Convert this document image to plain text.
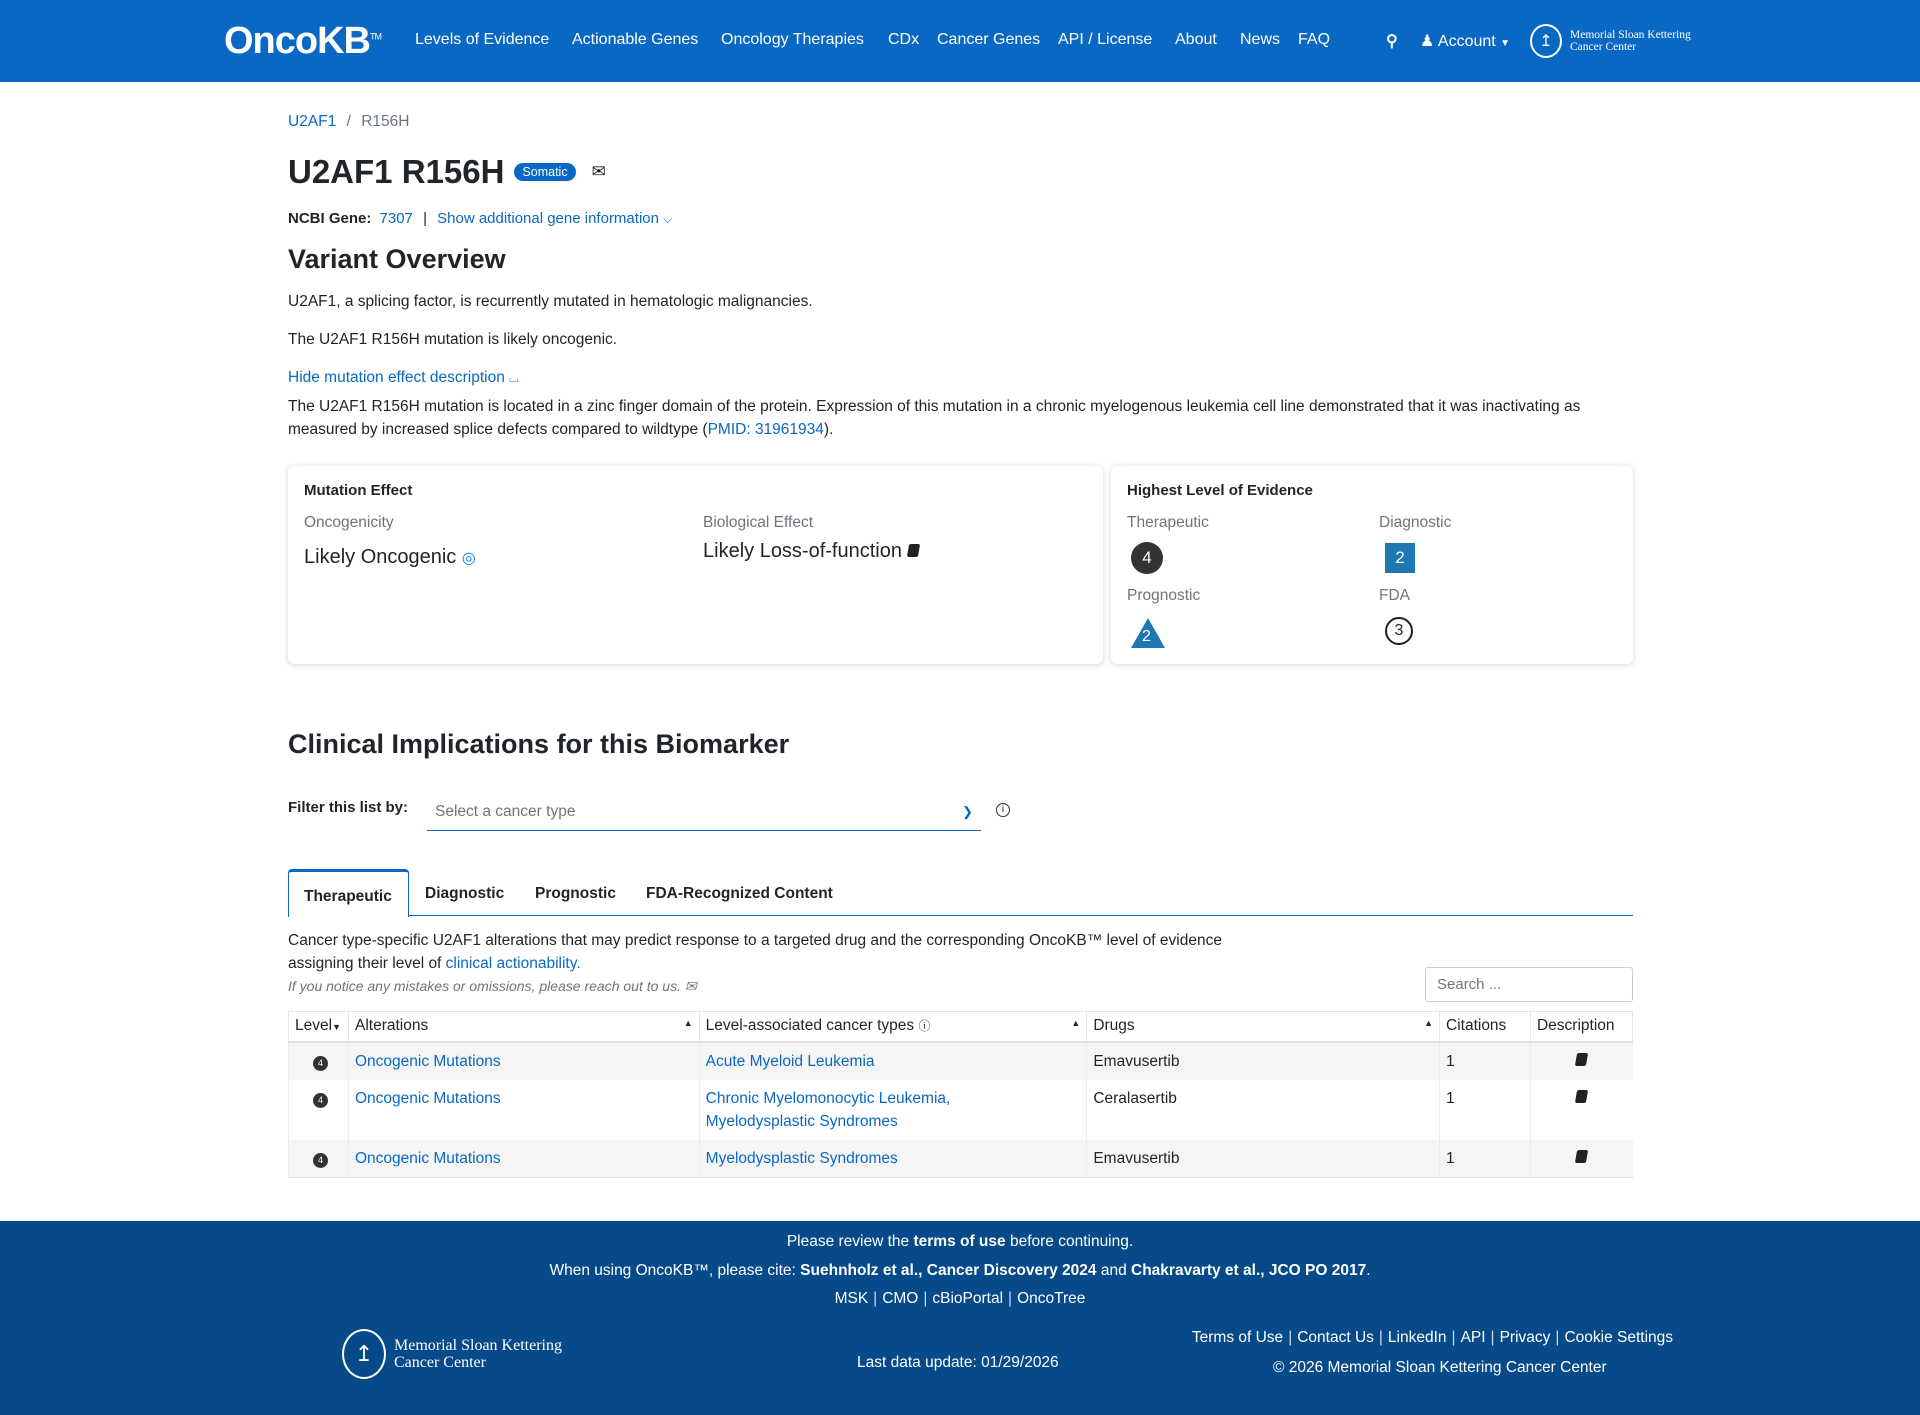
OncoKB™ Levels of Evidence Actionable Genes Oncology Therapies CDx Cancer Genes API / License About News FAQ	⚲ ♟ Account ▼	↥	Memorial Sloan Kettering
Cancer Center
U2AF1 / R156H
U2AF1 R156H	Somatic	✉
NCBI Gene: 7307 | Show additional gene information ⌵
Variant Overview
U2AF1, a splicing factor, is recurrently mutated in hematologic malignancies.
The U2AF1 R156H mutation is likely oncogenic.
Hide mutation effect description ⌴
The U2AF1 R156H mutation is located in a zinc finger domain of the protein. Expression of this mutation in a chronic myelogenous leukemia cell line demonstrated that it was inactivating as measured by increased splice defects compared to wildtype (PMID: 31961934).
Mutation Effect
Oncogenicity
Likely Oncogenic ◎
Biological Effect
Likely Loss-of-function
Highest Level of Evidence
Therapeutic
4
Diagnostic
2
Prognostic
2
FDA
3
Clinical Implications for this Biomarker
Filter this list by: Select a cancer type	❯	i
Therapeutic	Diagnostic	Prognostic	FDA-Recognized Content
Cancer type-specific U2AF1 alterations that may predict response to a targeted drug and the corresponding OncoKB™ level of evidence
assigning their level of clinical actionability.
If you notice any mistakes or omissions, please reach out to us. ✉
Search ...
Level▼	Alterations ▲	Level-associated cancer types ⓘ ▲	Drugs ▲	Citations	Description
4	Oncogenic Mutations	Acute Myeloid Leukemia	Emavusertib	1	
4	Oncogenic Mutations	Chronic Myelomonocytic Leukemia,
Myelodysplastic Syndromes	Ceralasertib	1	
4	Oncogenic Mutations	Myelodysplastic Syndromes	Emavusertib	1	
Please review the terms of use before continuing.
When using OncoKB™, please cite: Suehnholz et al., Cancer Discovery 2024 and Chakravarty et al., JCO PO 2017.
MSK | CMO | cBioPortal | OncoTree
↥	Memorial Sloan Kettering
Cancer Center	Last data update: 01/29/2026
Terms of Use | Contact Us | LinkedIn | API | Privacy | Cookie Settings
© 2026 Memorial Sloan Kettering Cancer Center
